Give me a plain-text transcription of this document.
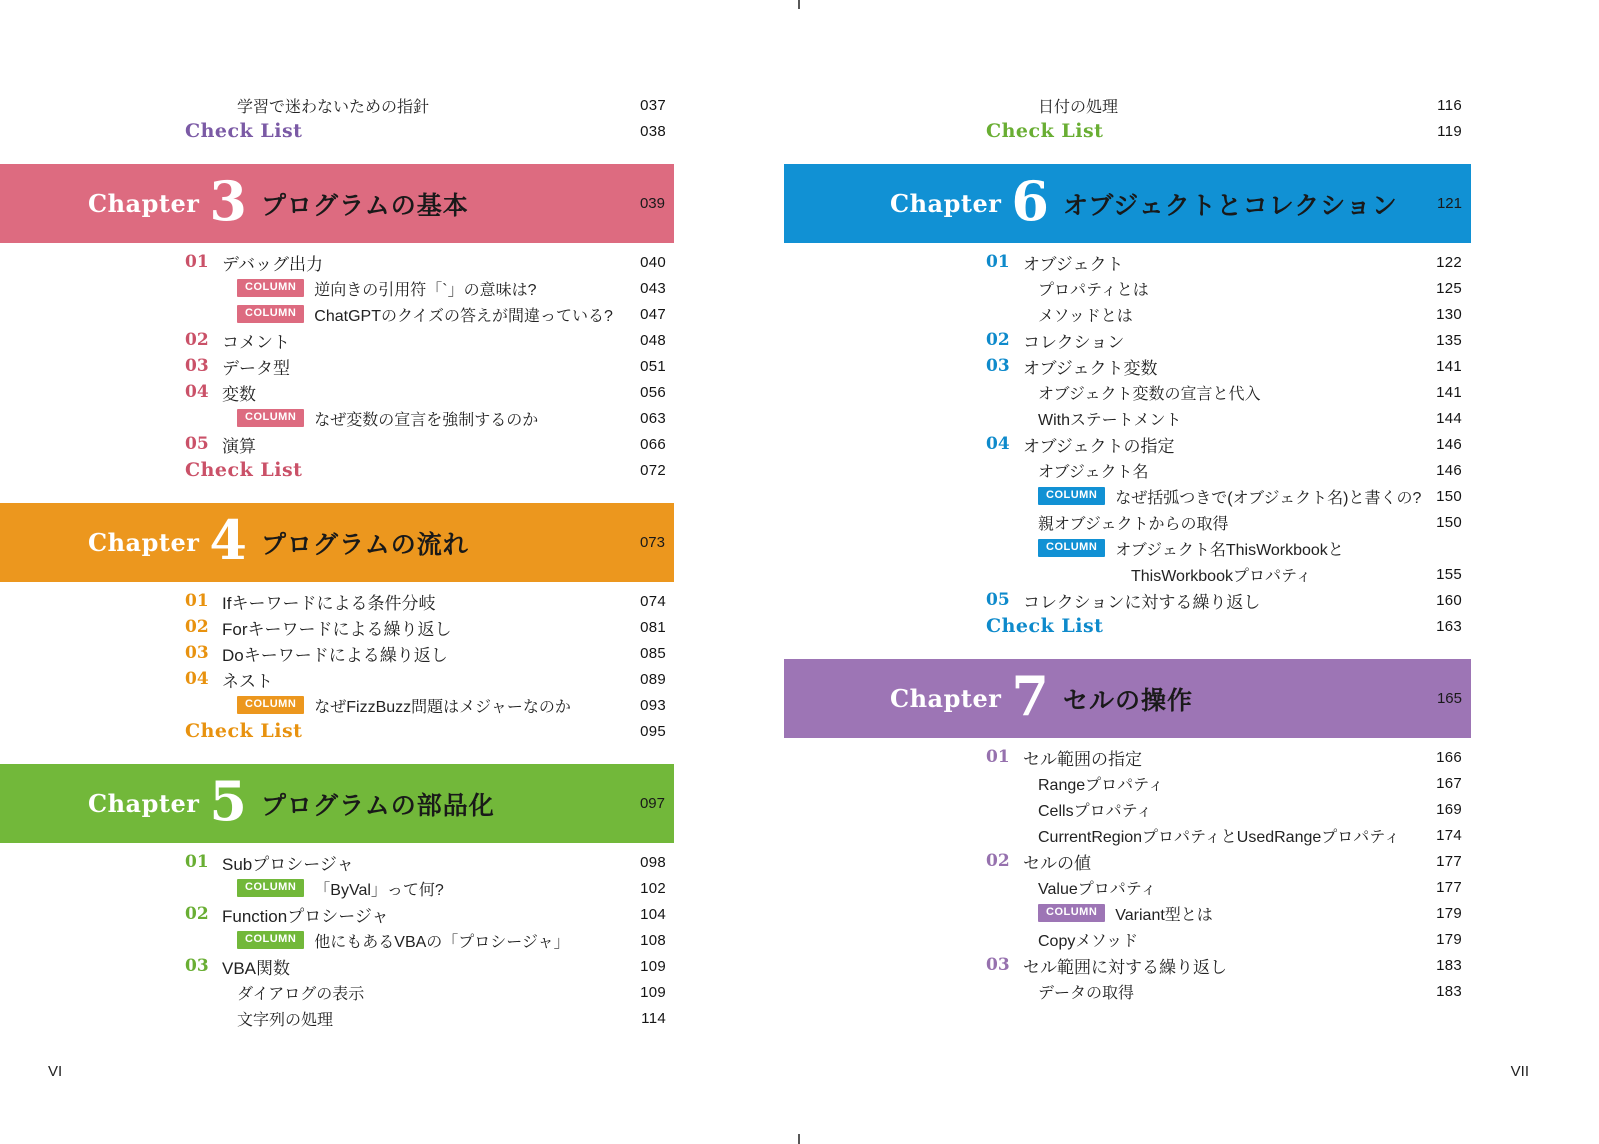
学習で迷わないための指針	037
Check List	038
Chapter 3 プログラムの基本	039
01 デバッグ出力	040
COLUMN	逆向きの引用符「`」の意味は?	043
COLUMN	ChatGPTのクイズの答えが間違っている? 047
02 コメント	048
03 データ型	051
04 変数	056
COLUMN	なぜ変数の宣言を強制するのか	063
05 演算	066
Check List	072
Chapter 4 プログラムの流れ	073
01 Ifキーワードによる条件分岐	074
02 Forキーワードによる繰り返し	081
03 Doキーワードによる繰り返し	085
04 ネスト	089
COLUMN	なぜFizzBuzz問題はメジャーなのか	093
Check List	095
Chapter 5 プログラムの部品化	097
01 Subプロシージャ	098
COLUMN	「ByVal」って何?	102
02 Functionプロシージャ	104
COLUMN	他にもあるVBAの「プロシージャ」	108
03 VBA関数	109
ダイアログの表示	109
文字列の処理	114
VI
日付の処理	116
Check List	119
Chapter 6 オブジェクトとコレクション	121
01 オブジェクト	122
プロパティとは	125
メソッドとは	130
02 コレクション	135
03 オブジェクト変数	141
オブジェクト変数の宣言と代入	141
Withステートメント	144
04 オブジェクトの指定	146
オブジェクト名	146
COLUMN	なぜ括弧つきで(オブジェクト名)と書くの? 150
親オブジェクトからの取得	150
COLUMN	オブジェクト名ThisWorkbookと
ThisWorkbookプロパティ	155
05 コレクションに対する繰り返し	160
Check List	163
Chapter 7 セルの操作	165
01 セル範囲の指定	166
Rangeプロパティ	167
Cellsプロパティ	169
CurrentRegionプロパティとUsedRangeプロパティ 174
02 セルの値	177
Valueプロパティ	177
COLUMN	Variant型とは	179
Copyメソッド	179
03 セル範囲に対する繰り返し	183
データの取得	183
VII
